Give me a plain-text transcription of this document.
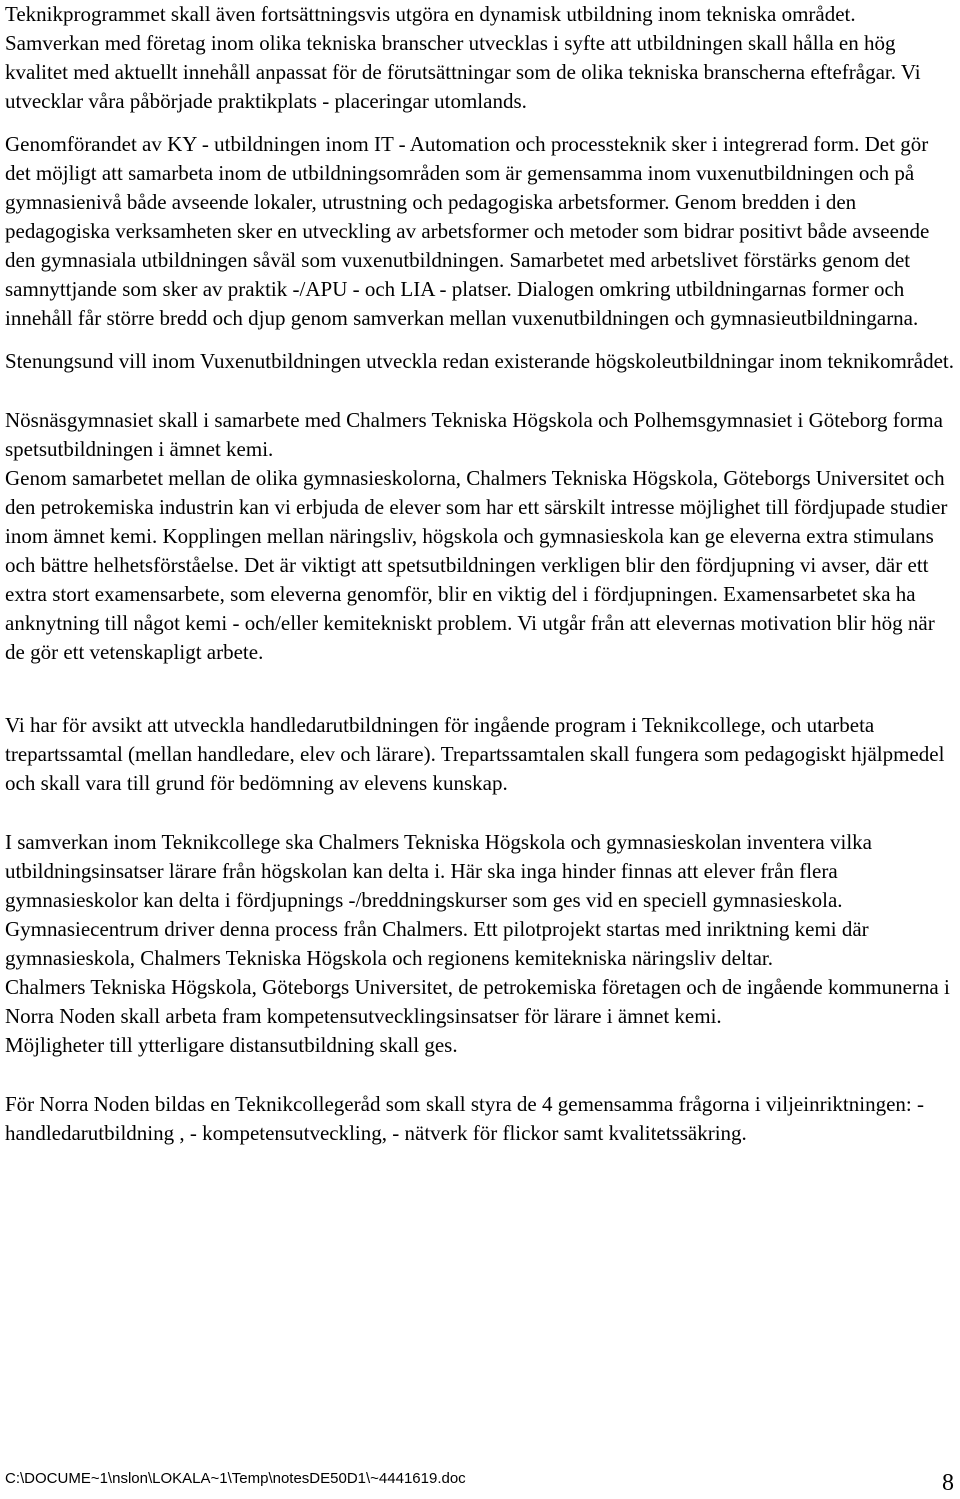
Teknikprogrammet skall även fortsättningsvis utgöra en dynamisk utbildning inom tekniska området. Samverkan med företag inom olika tekniska branscher utvecklas i syfte att utbildningen skall hålla en hög kvalitet med aktuellt innehåll anpassat för de förutsättningar som de olika tekniska branscherna eftefrågar. Vi utvecklar våra påbörjade praktikplats - placeringar utomlands.

Genomförandet av KY - utbildningen inom IT - Automation och processteknik sker i integrerad form. Det gör det möjligt att samarbeta inom de utbildningsområden som är gemensamma inom vuxenutbildningen och på gymnasienivå både avseende lokaler, utrustning och pedagogiska arbetsformer. Genom bredden i den pedagogiska verksamheten sker en utveckling av arbetsformer och metoder som bidrar positivt både avseende den gymnasiala utbildningen såväl som vuxenutbildningen. Samarbetet med arbetslivet förstärks genom det samnyttjande som sker av praktik -/APU - och LIA - platser. Dialogen omkring utbildningarnas former och innehåll får större bredd och djup genom samverkan mellan vuxenutbildningen och gymnasieutbildningarna.

Stenungsund vill inom Vuxenutbildningen utveckla redan existerande högskoleutbildningar inom teknikområdet.

Nösnäsgymnasiet skall i samarbete med Chalmers Tekniska Högskola och Polhemsgymnasiet i Göteborg forma spetsutbildningen i ämnet kemi.

Genom samarbetet mellan de olika gymnasieskolorna, Chalmers Tekniska Högskola, Göteborgs Universitet och den petrokemiska industrin kan vi erbjuda de elever som har ett särskilt intresse möjlighet till fördjupade studier inom ämnet kemi. Kopplingen mellan näringsliv, högskola och gymnasieskola kan ge eleverna extra stimulans och bättre helhetsförståelse. Det är viktigt att spetsutbildningen verkligen blir den fördjupning vi avser, där ett extra stort examensarbete, som eleverna genomför, blir en viktig del i fördjupningen. Examensarbetet ska ha anknytning till något kemi - och/eller kemitekniskt problem. Vi utgår från att elevernas motivation blir hög när de gör ett vetenskapligt arbete.

Vi har för avsikt att utveckla handledarutbildningen för ingående program i Teknikcollege, och utarbeta trepartssamtal (mellan handledare, elev och lärare). Trepartssamtalen skall fungera som pedagogiskt hjälpmedel och skall vara till grund för bedömning av elevens kunskap.

I samverkan inom Teknikcollege ska Chalmers Tekniska Högskola och gymnasieskolan inventera vilka utbildningsinsatser lärare från högskolan kan delta i. Här ska inga hinder finnas att elever från flera gymnasieskolor kan delta i fördjupnings -/breddningskurser som ges vid en speciell gymnasieskola. Gymnasiecentrum driver denna process från Chalmers. Ett pilotprojekt startas med inriktning kemi där gymnasieskola, Chalmers Tekniska Högskola och regionens kemitekniska näringsliv deltar.

Chalmers Tekniska Högskola, Göteborgs Universitet, de petrokemiska företagen och de ingående kommunerna i Norra Noden skall arbeta fram kompetensutvecklingsinsatser för lärare i ämnet kemi.

Möjligheter till ytterligare distansutbildning skall ges.

För Norra Noden bildas en Teknikcollegeråd som skall styra de 4 gemensamma frågorna i viljeinriktningen: - handledarutbildning , - kompetensutveckling, - nätverk för flickor samt kvalitetssäkring.

C:\DOCUME~1\nslon\LOKALA~1\Temp\notesDE50D1\~4441619.doc	8
